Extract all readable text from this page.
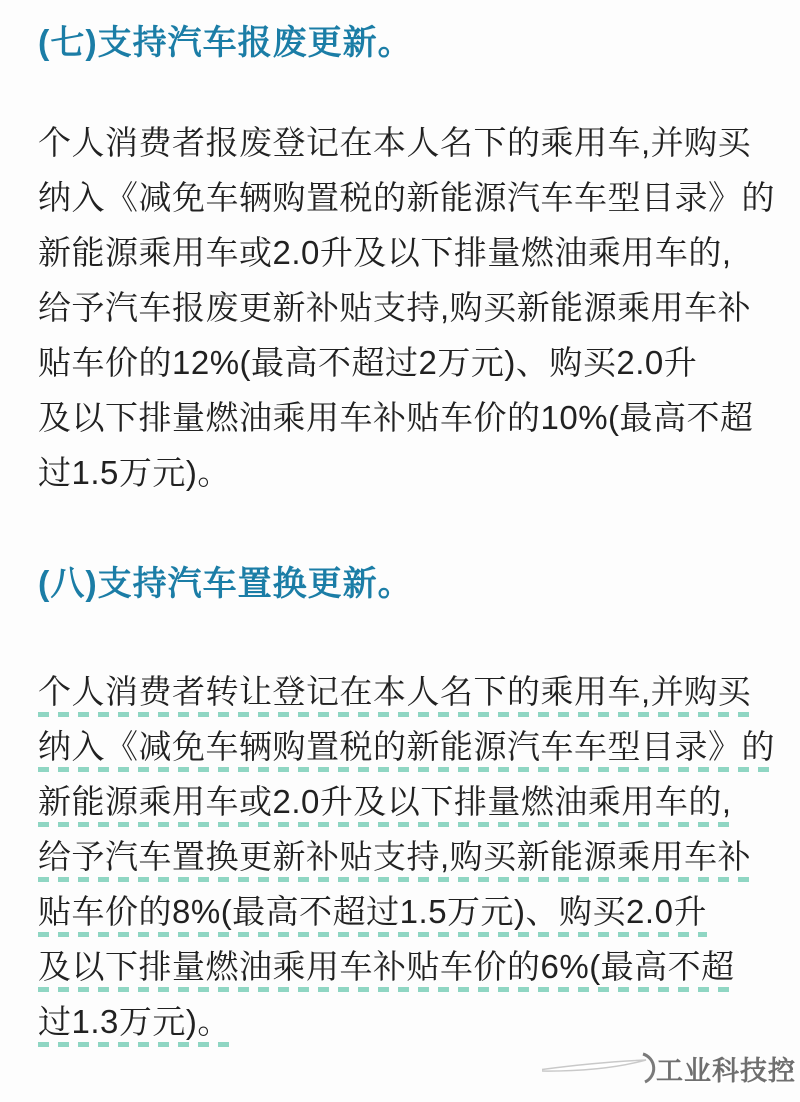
(七)支持汽车报废更新。
个人消费者报废登记在本人名下的乘用车,并购买
纳入《减免车辆购置税的新能源汽车车型目录》的
新能源乘用车或2.0升及以下排量燃油乘用车的,
给予汽车报废更新补贴支持,购买新能源乘用车补
贴车价的12%(最高不超过2万元)、购买2.0升
及以下排量燃油乘用车补贴车价的10%(最高不超
过1.5万元)。
(八)支持汽车置换更新。
个人消费者转让登记在本人名下的乘用车,并购买
纳入《减免车辆购置税的新能源汽车车型目录》的
新能源乘用车或2.0升及以下排量燃油乘用车的,
给予汽车置换更新补贴支持,购买新能源乘用车补
贴车价的8%(最高不超过1.5万元)、购买2.0升
及以下排量燃油乘用车补贴车价的6%(最高不超
过1.3万元)。
工业科技控
